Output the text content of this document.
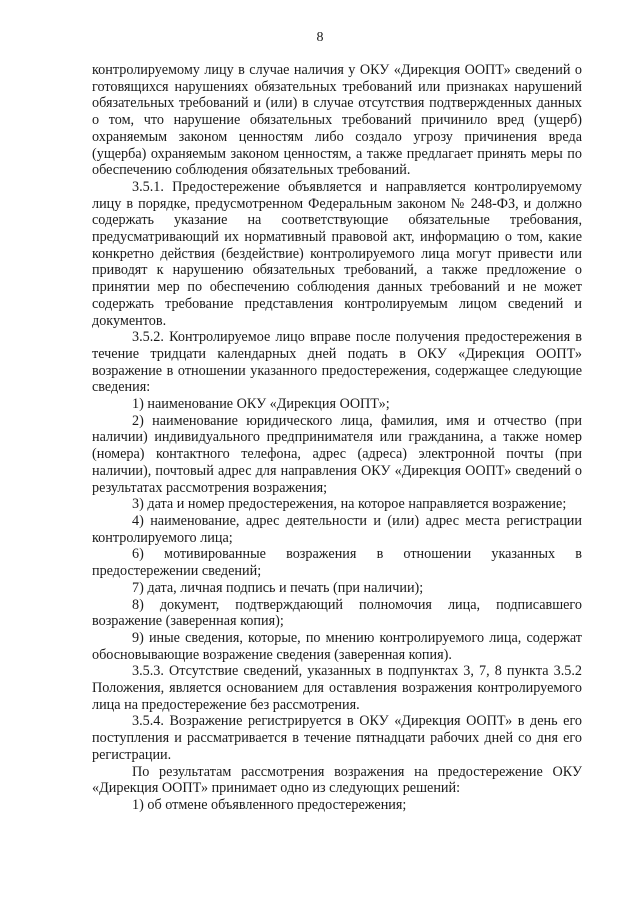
8

контролируемому лицу в случае наличия у ОКУ «Дирекция ООПТ» сведений о готовящихся нарушениях обязательных требований или признаках нарушений обязательных требований и (или) в случае отсутствия подтвержденных данных о том, что нарушение обязательных требований причинило вред (ущерб) охраняемым законом ценностям либо создало угрозу причинения вреда (ущерба) охраняемым законом ценностям, а также предлагает принять меры по обеспечению соблюдения обязательных требований.

3.5.1. Предостережение объявляется и направляется контролируемому лицу в порядке, предусмотренном Федеральным законом № 248-ФЗ, и должно содержать указание на соответствующие обязательные требования, предусматривающий их нормативный правовой акт, информацию о том, какие конкретно действия (бездействие) контролируемого лица могут привести или приводят к нарушению обязательных требований, а также предложение о принятии мер по обеспечению соблюдения данных требований и не может содержать требование представления контролируемым лицом сведений и документов.

3.5.2. Контролируемое лицо вправе после получения предостережения в течение тридцати календарных дней подать в ОКУ «Дирекция ООПТ» возражение в отношении указанного предостережения, содержащее следующие сведения:

1) наименование ОКУ «Дирекция ООПТ»;

2) наименование юридического лица, фамилия, имя и отчество (при наличии) индивидуального предпринимателя или гражданина, а также номер (номера) контактного телефона, адрес (адреса) электронной почты (при наличии), почтовый адрес для направления ОКУ «Дирекция ООПТ» сведений о результатах рассмотрения возражения;

3) дата и номер предостережения, на которое направляется возражение;

4) наименование, адрес деятельности и (или) адрес места регистрации контролируемого лица;

6) мотивированные возражения в отношении указанных в предостережении сведений;

7) дата, личная подпись и печать (при наличии);

8) документ, подтверждающий полномочия лица, подписавшего возражение (заверенная копия);

9) иные сведения, которые, по мнению контролируемого лица, содержат обосновывающие возражение сведения (заверенная копия).

3.5.3. Отсутствие сведений, указанных в подпунктах 3, 7, 8 пункта 3.5.2 Положения, является основанием для оставления возражения контролируемого лица на предостережение без рассмотрения.

3.5.4. Возражение регистрируется в ОКУ «Дирекция ООПТ» в день его поступления и рассматривается в течение пятнадцати рабочих дней со дня его регистрации.

По результатам рассмотрения возражения на предостережение ОКУ «Дирекция ООПТ» принимает одно из следующих решений:

1) об отмене объявленного предостережения;
